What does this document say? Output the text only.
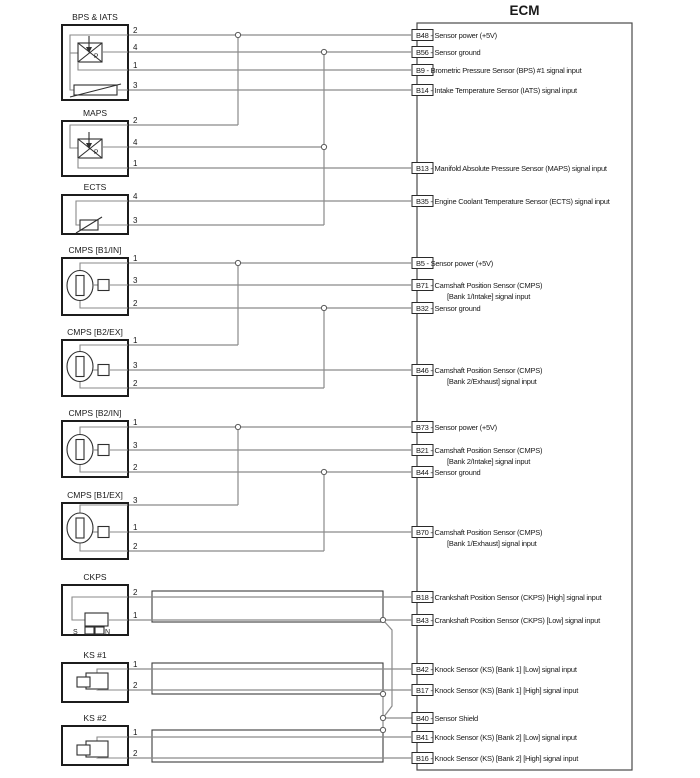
ECM
B48 - Sensor power (+5V)
B56 - Sensor ground
B9 - Brometric Pressure Sensor (BPS) #1 signal input
B14 - Intake Temperature Sensor (IATS) signal input
B13 - Manifold Absolute Pressure Sensor (MAPS) signal input
B35 - Engine Coolant Temperature Sensor (ECTS) signal input
B5 - Sensor power (+5V)
B71 - Camshaft Position Sensor (CMPS)
[Bank 1/Intake] signal input
B32 - Sensor ground
B46 - Camshaft Position Sensor (CMPS)
[Bank 2/Exhaust] signal input
B73 - Sensor power (+5V)
B21 - Camshaft Position Sensor (CMPS)
[Bank 2/Intake] signal input
B44 - Sensor ground
B70 - Camshaft Position Sensor (CMPS)
[Bank 1/Exhaust] signal input
B18 - Crankshaft Position Sensor (CKPS) [High] signal input
B43 - Crankshaft Position Sensor (CKPS) [Low] signal input
B42 - Knock Sensor (KS) [Bank 1] [Low] signal input
B17 - Knock Sensor (KS) [Bank 1] [High] signal input
B40 - Sensor Shield
B41 - Knock Sensor (KS) [Bank 2] [Low] signal input
B16 - Knock Sensor (KS) [Bank 2] [High] signal input
2
4
1
3
BPS & IATS
P
2
4
1
MAPS
P
4
3
ECTS
1
3
2
CMPS [B1/IN]
1
3
2
CMPS [B2/EX]
1
3
2
CMPS [B2/IN]
3
1
2
CMPS [B1/EX]
2
1
CKPS
S	N
1
2
KS #1
1
2
KS #2
